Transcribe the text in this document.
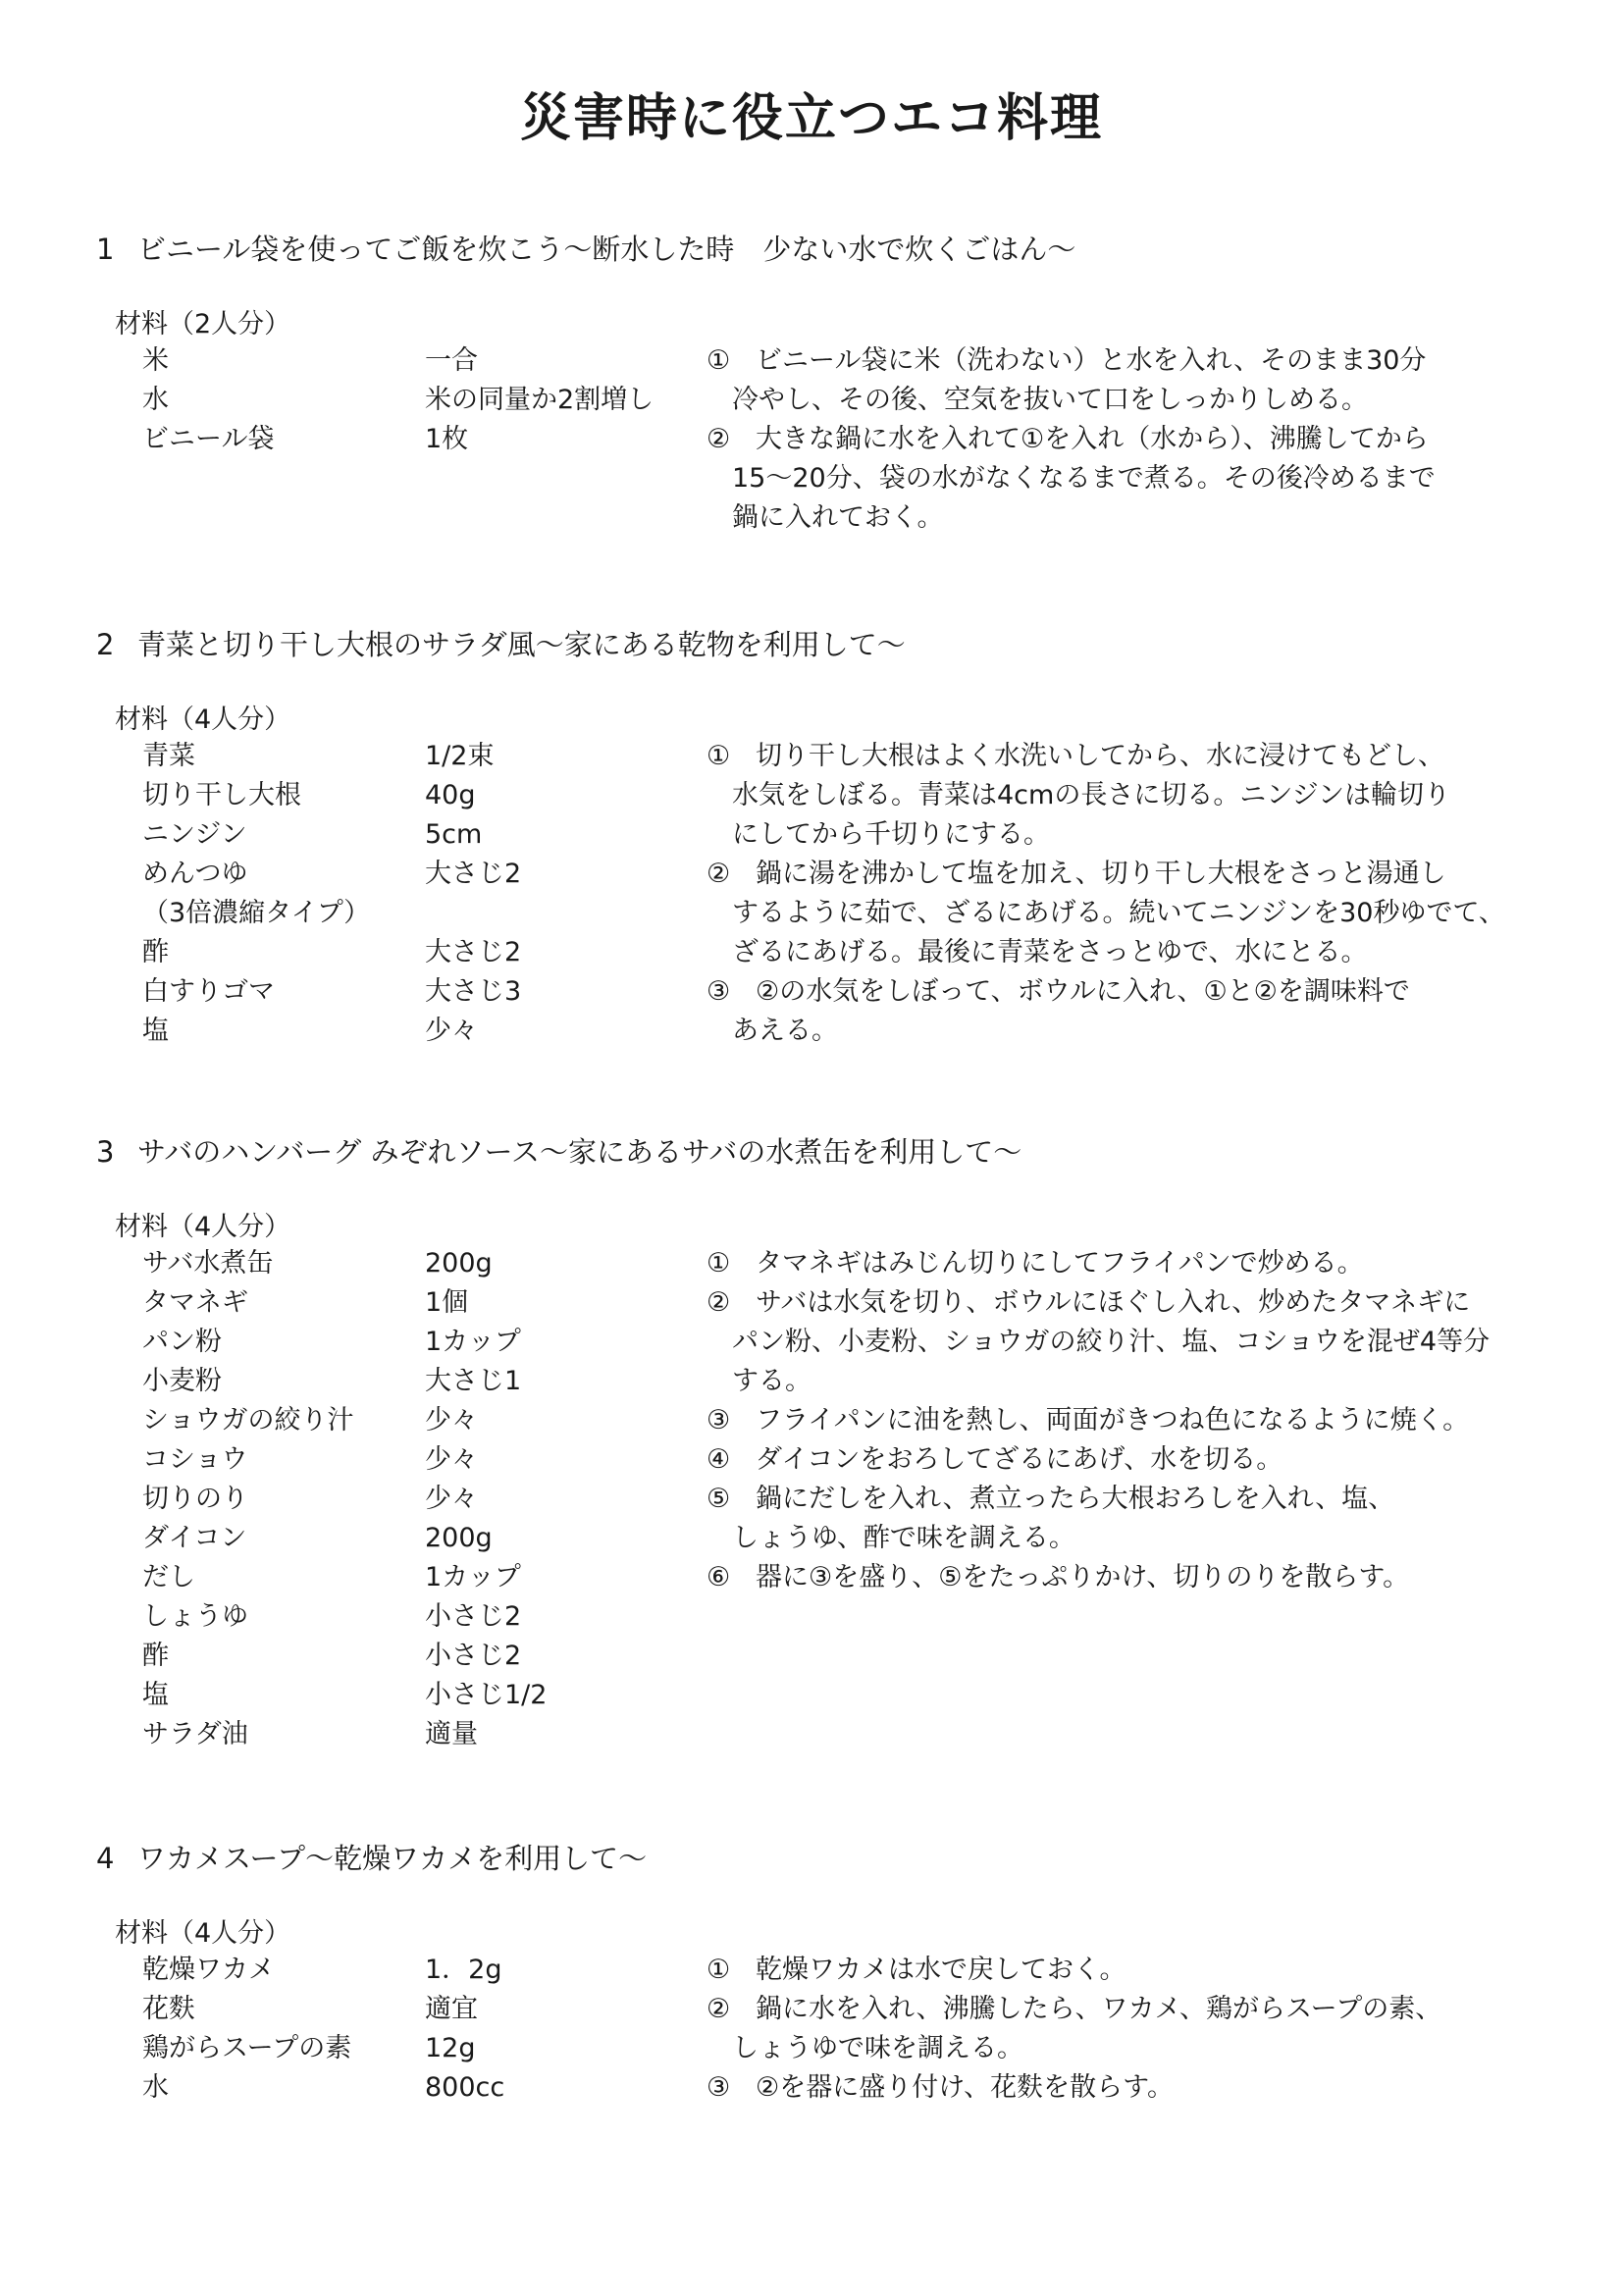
災害時に役立つエコ料理
1 ビニール袋を使ってご飯を炊こう～断水した時　少ない水で炊くごはん～
材料（2人分）
米	一合
水	米の同量か2割増し
ビニール袋	1枚
① ビニール袋に米（洗わない）と水を入れ、そのまま30分
冷やし、その後、空気を抜いて口をしっかりしめる。
② 大きな鍋に水を入れて①を入れ（水から）、沸騰してから
15～20分、袋の水がなくなるまで煮る。その後冷めるまで
鍋に入れておく。
2 青菜と切り干し大根のサラダ風～家にある乾物を利用して～
材料（4人分）
青菜	1/2束
切り干し大根	40g
ニンジン	5cm
めんつゆ	大さじ2
（3倍濃縮タイプ）
酢	大さじ2
白すりゴマ	大さじ3
塩	少々
① 切り干し大根はよく水洗いしてから、水に浸けてもどし、
水気をしぼる。青菜は4cmの長さに切る。ニンジンは輪切り
にしてから千切りにする。
② 鍋に湯を沸かして塩を加え、切り干し大根をさっと湯通し
するように茹で、ざるにあげる。続いてニンジンを30秒ゆでて、
ざるにあげる。最後に青菜をさっとゆで、水にとる。
③ ②の水気をしぼって、ボウルに入れ、①と②を調味料で
あえる。
3 サバのハンバーグ みぞれソース～家にあるサバの水煮缶を利用して～
材料（4人分）
サバ水煮缶	200g
タマネギ	1個
パン粉	1カップ
小麦粉	大さじ1
ショウガの絞り汁	少々
コショウ	少々
切りのり	少々
ダイコン	200g
だし	1カップ
しょうゆ	小さじ2
酢	小さじ2
塩	小さじ1/2
サラダ油	適量
① タマネギはみじん切りにしてフライパンで炒める。
② サバは水気を切り、ボウルにほぐし入れ、炒めたタマネギに
パン粉、小麦粉、ショウガの絞り汁、塩、コショウを混ぜ4等分
する。
③ フライパンに油を熱し、両面がきつね色になるように焼く。
④ ダイコンをおろしてざるにあげ、水を切る。
⑤ 鍋にだしを入れ、煮立ったら大根おろしを入れ、塩、
しょうゆ、酢で味を調える。
⑥ 器に③を盛り、⑤をたっぷりかけ、切りのりを散らす。
4 ワカメスープ～乾燥ワカメを利用して～
材料（4人分）
乾燥ワカメ	1．2g
花麩	適宜
鶏がらスープの素	12g
水	800cc
① 乾燥ワカメは水で戻しておく。
② 鍋に水を入れ、沸騰したら、ワカメ、鶏がらスープの素、
しょうゆで味を調える。
③ ②を器に盛り付け、花麩を散らす。
